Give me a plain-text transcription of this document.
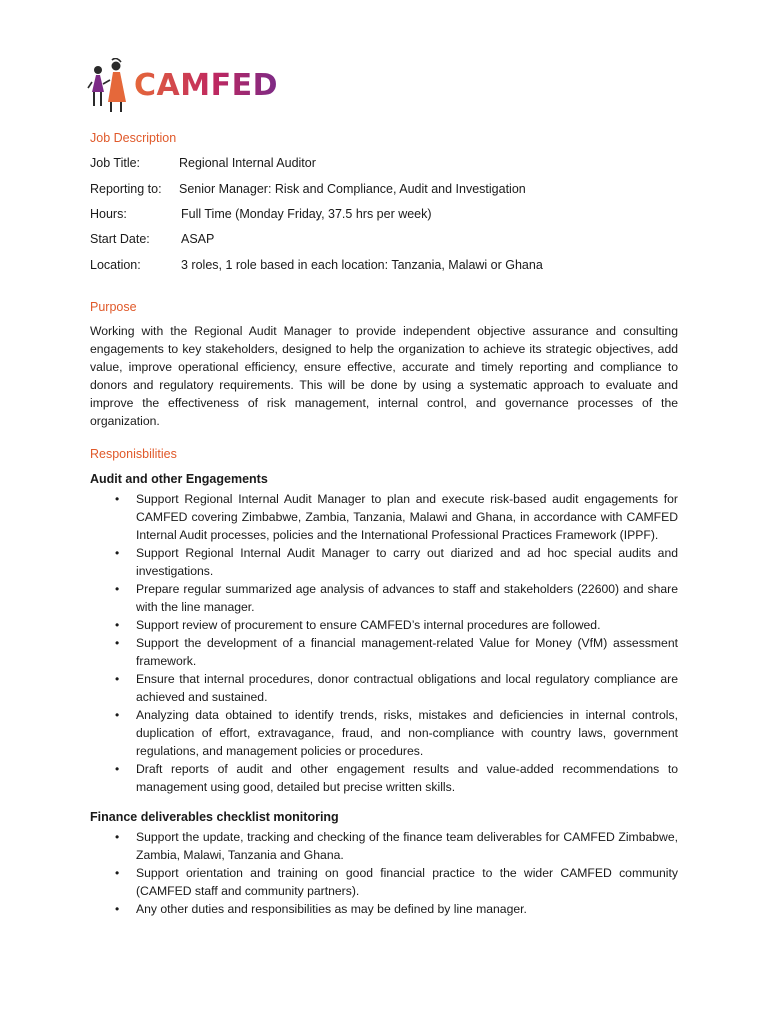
CAMFED
Job Description
Job Title:	Regional Internal Auditor
Reporting to:	Senior Manager: Risk and Compliance, Audit and Investigation
Hours:	Full Time (Monday Friday, 37.5 hrs per week)
Start Date:	ASAP
Location:	3 roles, 1 role based in each location: Tanzania, Malawi or Ghana
Purpose

Working with the Regional Audit Manager to provide independent objective assurance and consulting engagements to key stakeholders, designed to help the organization to achieve its strategic objectives, add value, improve operational efficiency, ensure effective, accurate and timely reporting and compliance to donors and regulatory requirements. This will be done by using a systematic approach to evaluate and improve the effectiveness of risk management, internal control, and governance processes of the organization.

Responisbilities
Audit and other Engagements
• Support Regional Internal Audit Manager to plan and execute risk-based audit engagements for CAMFED covering Zimbabwe, Zambia, Tanzania, Malawi and Ghana, in accordance with CAMFED Internal Audit processes, policies and the International Professional Practices Framework (IPPF).
• Support Regional Internal Audit Manager to carry out diarized and ad hoc special audits and investigations.
• Prepare regular summarized age analysis of advances to staff and stakeholders (22600) and share with the line manager.
• Support review of procurement to ensure CAMFED’s internal procedures are followed.
• Support the development of a financial management-related Value for Money (VfM) assessment framework.
• Ensure that internal procedures, donor contractual obligations and local regulatory compliance are achieved and sustained.
• Analyzing data obtained to identify trends, risks, mistakes and deficiencies in internal controls, duplication of effort, extravagance, fraud, and non-compliance with country laws, government regulations, and management policies or procedures.
• Draft reports of audit and other engagement results and value-added recommendations to management using good, detailed but precise written skills.
Finance deliverables checklist monitoring
• Support the update, tracking and checking of the finance team deliverables for CAMFED Zimbabwe, Zambia, Malawi, Tanzania and Ghana.
• Support orientation and training on good financial practice to the wider CAMFED community (CAMFED staff and community partners).
• Any other duties and responsibilities as may be defined by line manager.
